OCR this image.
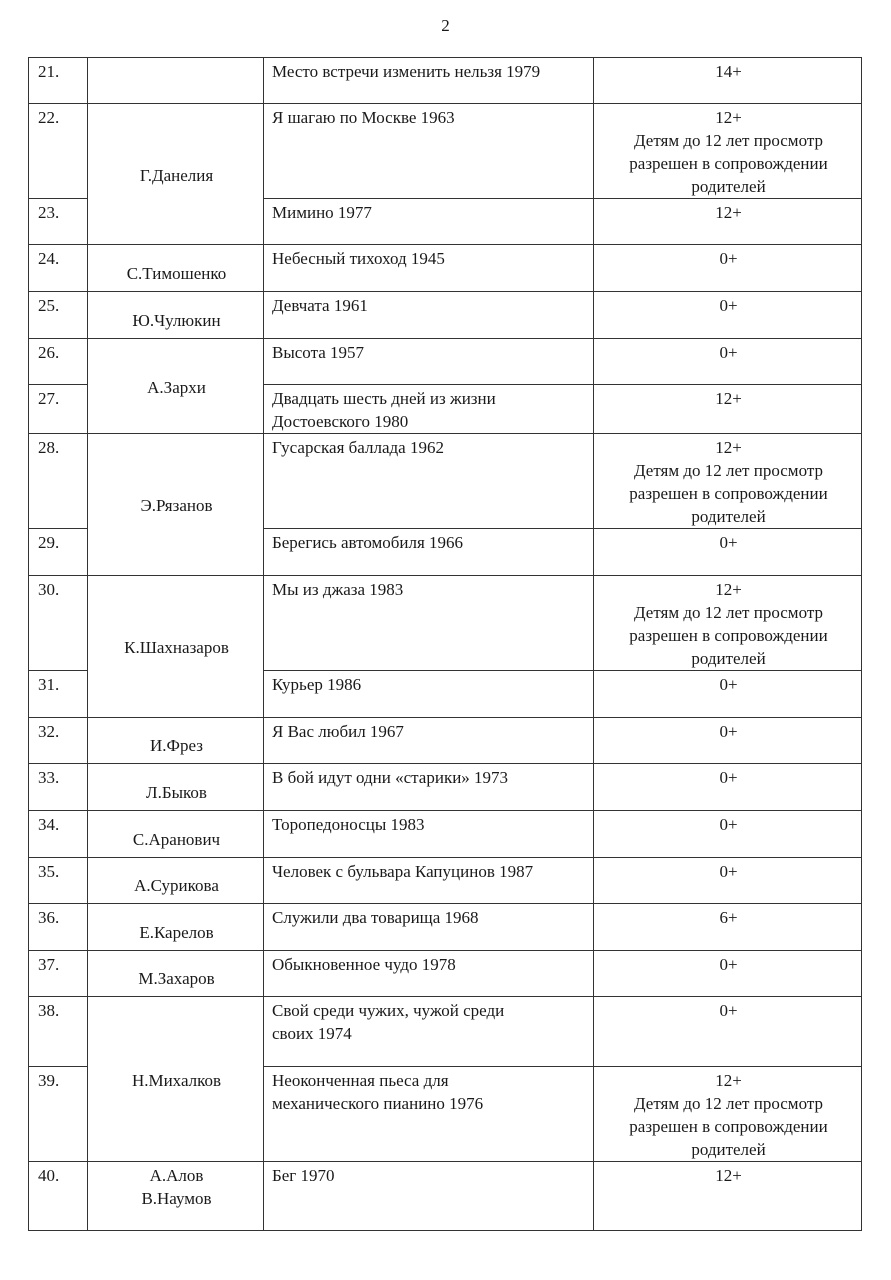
2
21.		Место встречи изменить нельзя 1979	14+
22.	Г.Данелия	Я шагаю по Москве 1963	12+
Детям до 12 лет просмотр
разрешен в сопровождении
родителей

23.		Мимино 1977	12+
24.	С.Тимошенко	Небесный тихоход 1945	0+
25.	Ю.Чулюкин	Девчата 1961	0+
26.	А.Зархи	Высота 1957	0+
27.		Двадцать шесть дней из жизни
Достоевского 1980	12+
28.	Э.Рязанов	Гусарская баллада 1962	12+
Детям до 12 лет просмотр
разрешен в сопровождении
родителей

29.		Берегись автомобиля 1966	0+
30.	К.Шахназаров	Мы из джаза 1983	12+
Детям до 12 лет просмотр
разрешен в сопровождении
родителей

31.		Курьер 1986	0+
32.	И.Фрез	Я Вас любил 1967	0+
33.	Л.Быков	В бой идут одни «старики» 1973	0+
34.	С.Аранович	Торопедоносцы 1983	0+
35.	А.Сурикова	Человек с бульвара Капуцинов 1987	0+
36.	Е.Карелов	Служили два товарища 1968	6+
37.	М.Захаров	Обыкновенное чудо 1978	0+
38.	Н.Михалков	Свой среди чужих, чужой среди
своих 1974	0+
39.		Неоконченная пьеса для
механического пианино 1976	12+
Детям до 12 лет просмотр
разрешен в сопровождении
родителей

40.	А.Алов
В.Наумов	Бег 1970	12+
